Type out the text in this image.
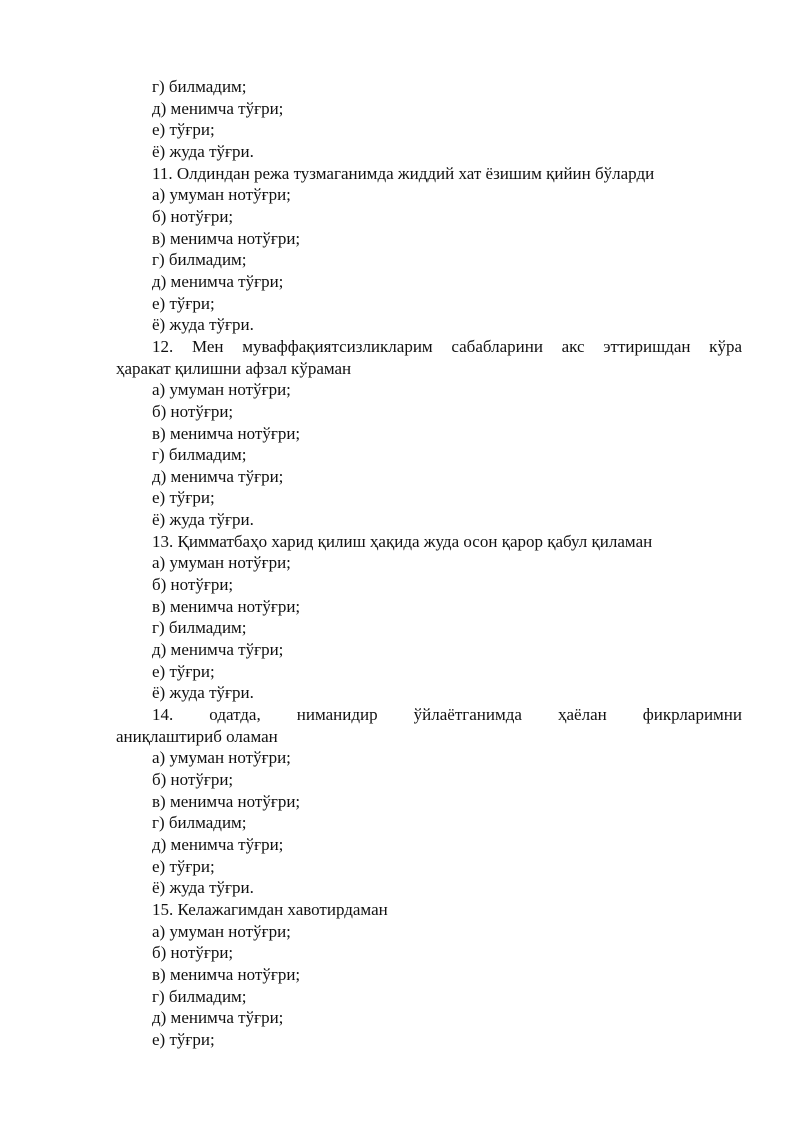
г) билмадим;
д) менимча тўғри;
е) тўғри;
ё) жуда тўғри.
11. Олдиндан режа тузмаганимда жиддий хат ёзишим қийин бўларди
а) умуман нотўғри;
б) нотўғри;
в) менимча нотўғри;
г) билмадим;
д) менимча тўғри;
е) тўғри;
ё) жуда тўғри.
12. Мен муваффақиятсизликларим сабабларини акс эттиришдан кўра
ҳаракат қилишни афзал кўраман
а) умуман нотўғри;
б) нотўғри;
в) менимча нотўғри;
г) билмадим;
д) менимча тўғри;
е) тўғри;
ё) жуда тўғри.
13. Қимматбаҳо харид қилиш ҳақида жуда осон қарор қабул қиламан
а) умуман нотўғри;
б) нотўғри;
в) менимча нотўғри;
г) билмадим;
д) менимча тўғри;
е) тўғри;
ё) жуда тўғри.
14. одатда, ниманидир ўйлаётганимда ҳаёлан фикрларимни
аниқлаштириб оламан
а) умуман нотўғри;
б) нотўғри;
в) менимча нотўғри;
г) билмадим;
д) менимча тўғри;
е) тўғри;
ё) жуда тўғри.
15. Келажагимдан хавотирдаман
а) умуман нотўғри;
б) нотўғри;
в) менимча нотўғри;
г) билмадим;
д) менимча тўғри;
е) тўғри;
